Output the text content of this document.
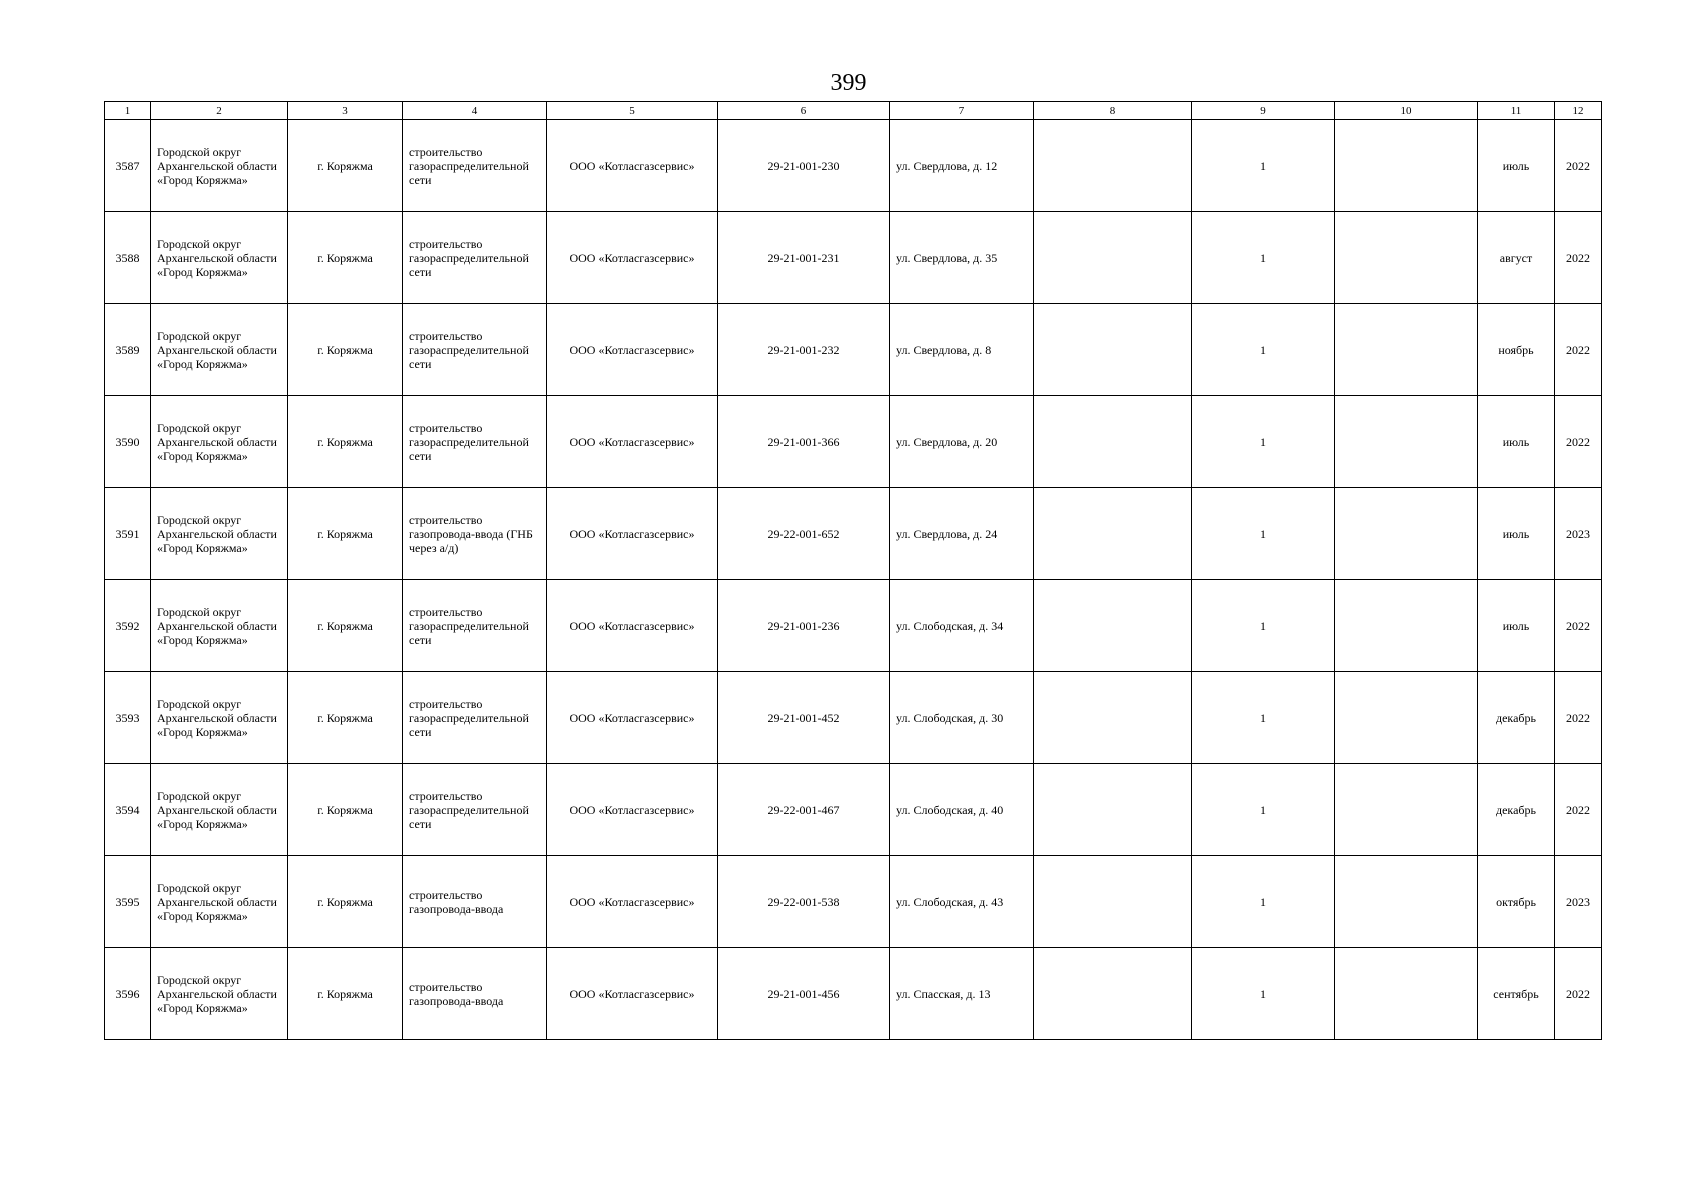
399
1	2	3	4	5	6	7	8	9	10	11	12
3587	Городской округ Архангельской области «Город Коряжма»	г. Коряжма	строительство газораспределительной сети	ООО «Котласгазсервис»	29-21-001-230	ул. Свердлова, д. 12		1		июль	2022
3588	Городской округ Архангельской области «Город Коряжма»	г. Коряжма	строительство газораспределительной сети	ООО «Котласгазсервис»	29-21-001-231	ул. Свердлова, д. 35		1		август	2022
3589	Городской округ Архангельской области «Город Коряжма»	г. Коряжма	строительство газораспределительной сети	ООО «Котласгазсервис»	29-21-001-232	ул. Свердлова, д. 8		1		ноябрь	2022
3590	Городской округ Архангельской области «Город Коряжма»	г. Коряжма	строительство газораспределительной сети	ООО «Котласгазсервис»	29-21-001-366	ул. Свердлова, д. 20		1		июль	2022
3591	Городской округ Архангельской области «Город Коряжма»	г. Коряжма	строительство газопровода-ввода (ГНБ через а/д)	ООО «Котласгазсервис»	29-22-001-652	ул. Свердлова, д. 24		1		июль	2023
3592	Городской округ Архангельской области «Город Коряжма»	г. Коряжма	строительство газораспределительной сети	ООО «Котласгазсервис»	29-21-001-236	ул. Слободская, д. 34		1		июль	2022
3593	Городской округ Архангельской области «Город Коряжма»	г. Коряжма	строительство газораспределительной сети	ООО «Котласгазсервис»	29-21-001-452	ул. Слободская, д. 30		1		декабрь	2022
3594	Городской округ Архангельской области «Город Коряжма»	г. Коряжма	строительство газораспределительной сети	ООО «Котласгазсервис»	29-22-001-467	ул. Слободская, д. 40		1		декабрь	2022
3595	Городской округ Архангельской области «Город Коряжма»	г. Коряжма	строительство газопровода-ввода	ООО «Котласгазсервис»	29-22-001-538	ул. Слободская, д. 43		1		октябрь	2023
3596	Городской округ Архангельской области «Город Коряжма»	г. Коряжма	строительство газопровода-ввода	ООО «Котласгазсервис»	29-21-001-456	ул. Спасская, д. 13		1		сентябрь	2022
